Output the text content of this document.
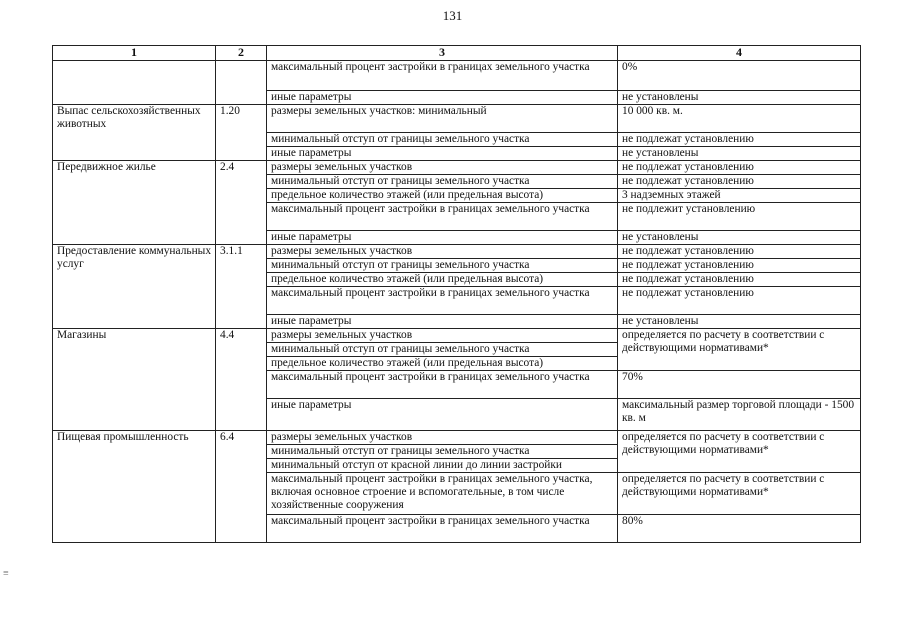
131
1	2	3	4
		максимальный процент застройки в границах земельного участка	0%
		иные параметры	не установлены
Выпас сельскохозяйственных животных	1.20	размеры земельных участков: минимальный	10 000 кв. м.
		минимальный отступ от границы земельного участка	не подлежат установлению
		иные параметры	не установлены
Передвижное жилье	2.4	размеры земельных участков	не подлежат установлению
		минимальный отступ от границы земельного участка	не подлежат установлению
		предельное количество этажей (или предельная высота)	3 надземных этажей
		максимальный процент застройки в границах земельного участка	не подлежит установлению
		иные параметры	не установлены
Предоставление коммунальных услуг	3.1.1	размеры земельных участков	не подлежат установлению
		минимальный отступ от границы земельного участка	не подлежат установлению
		предельное количество этажей (или предельная высота)	не подлежат установлению
		максимальный процент застройки в границах земельного участка	не подлежат установлению
		иные параметры	не установлены
Магазины	4.4	размеры земельных участков	определяется по расчету в соответствии с действующими нормативами*
		минимальный отступ от границы земельного участка	
		предельное количество этажей (или предельная высота)	
		максимальный процент застройки в границах земельного участка	70%
		иные параметры	максимальный размер торговой площади - 1500 кв. м
Пищевая промышленность	6.4	размеры земельных участков	определяется по расчету в соответствии с действующими нормативами*
		минимальный отступ от границы земельного участка	
		минимальный отступ от красной линии до линии застройки	
		максимальный процент застройки в границах земельного участка, включая основное строение и вспомогательные, в том числе хозяйственные сооружения	определяется по расчету в соответствии с действующими нормативами*
		максимальный процент застройки в границах земельного участка	80%
≡
